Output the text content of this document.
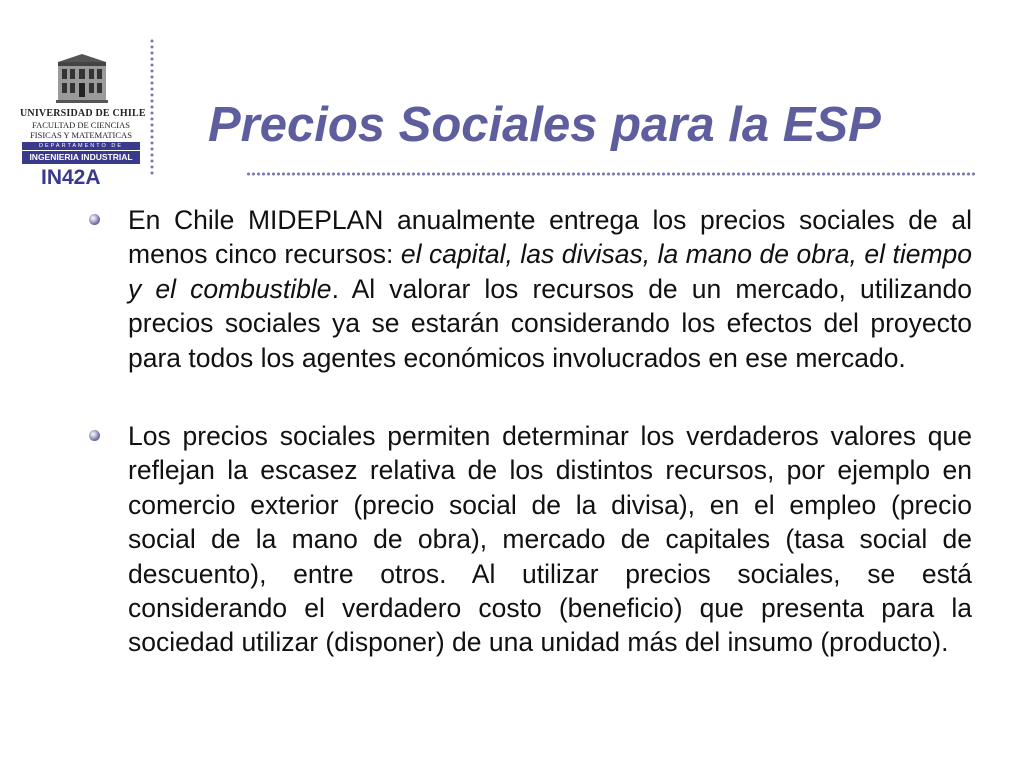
UNIVERSIDAD DE CHILE
FACULTAD DE CIENCIAS
FISICAS Y MATEMATICAS
DEPARTAMENTO DE
INGENIERIA INDUSTRIAL
IN42A
Precios Sociales para la ESP

En Chile MIDEPLAN anualmente entrega los precios sociales de al menos cinco recursos: el capital, las divisas, la mano de obra, el tiempo y el combustible. Al valorar los recursos de un mercado, utilizando precios sociales ya se estarán considerando los efectos del proyecto para todos los agentes económicos involucrados en ese mercado.

Los precios sociales permiten determinar los verdaderos valores que reflejan la escasez relativa de los distintos recursos, por ejemplo en comercio exterior (precio social de la divisa), en el empleo (precio social de la mano de obra), mercado de capitales (tasa social de descuento), entre otros. Al utilizar precios sociales, se está considerando el verdadero costo (beneficio) que presenta para la sociedad utilizar (disponer) de una unidad más del insumo (producto).
